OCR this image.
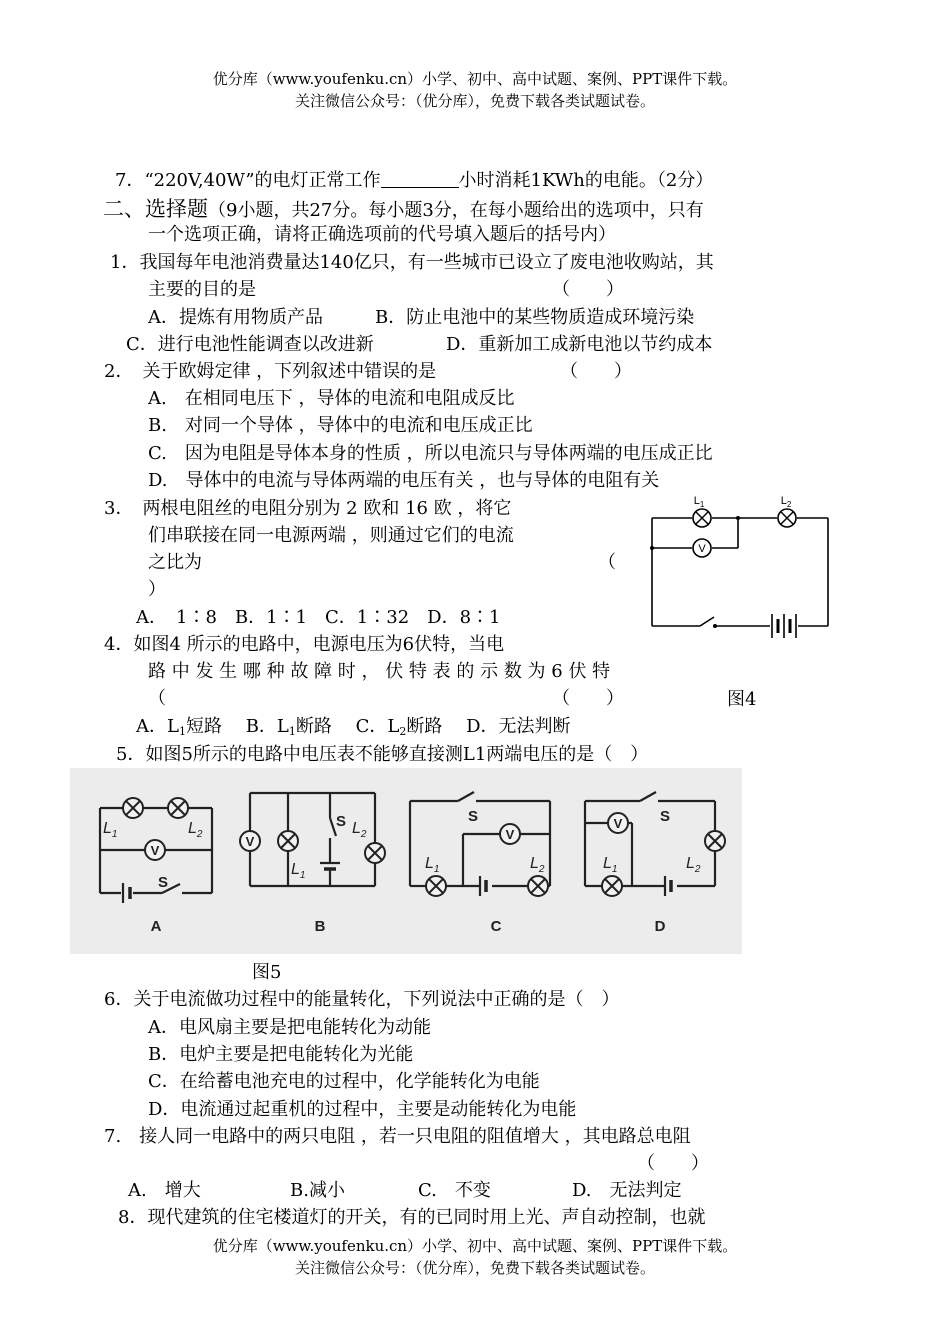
优分库（www.youfenku.cn）小学、初中、高中试题、案例、PPT课件下载。
关注微信公众号：（优分库），免费下载各类试题试卷。
7．“220V,40W”的电灯正常工作	小时消耗1KWh的电能。（2分）
二、选择题（9小题，共27分。每小题3分，在每小题给出的选项中，只有
一个选项正确，请将正确选项前的代号填入题后的括号内）
1．我国每年电池消费量达140亿只，有一些城市已设立了废电池收购站，其
主要的目的是	（　　）
A．提炼有用物质产品	B．防止电池中的某些物质造成环境污染
C．进行电池性能调查以改进新	D．重新加工成新电池以节约成本
2．　关于欧姆定律 ，下列叙述中错误的是	（　　）
A.　在相同电压下 ，导体的电流和电阻成反比
B.　对同一个导体 ，导体中的电流和电压成正比
C.　因为电阻是导体本身的性质 ，所以电流只与导体两端的电压成正比
D.　导体中的电流与导体两端的电压有关 ，也与导体的电阻有关
3．　两根电阻丝的电阻分别为 2 欧和 16 欧 ，将它
们串联接在同一电源两端 ，则通过它们的电流
之比为	（
）
A．　1∶8　B．1∶1　C．1∶32　D．8∶1
V
$L_1$	$L_2$
4．如图4 所示的电路中，电源电压为6伏特，当电
路 中 发 生 哪 种 故 障 时 ， 伏 特 表 的 示 数 为 6 伏 特
（	（　　）	图4
A．$L_1$短路　 B．$L_1$断路　 C．$L_2$断路　 D．无法判断
5．如图5所示的电路中电压表不能够直接测L1两端电压的是（　）
V
$L_1$	$L_2$
S
A
V
$L_1$
$L_2$
S
B
V
$L_1$	$L_2$
S
C
V
$L_1$	$L_2$
S
D
图5
6．关于电流做功过程中的能量转化，下列说法中正确的是（　）
A．电风扇主要是把电能转化为动能
B．电炉主要是把电能转化为光能
C．在给蓄电池充电的过程中，化学能转化为电能
D．电流通过起重机的过程中，主要是动能转化为电能
7.　接人同一电路中的两只电阻 ，若一只电阻的阻值增大 ，其电路总电阻
（　　）
A.　增大	B.减小	C.　不变	D.　无法判定
8．现代建筑的住宅楼道灯的开关，有的已同时用上光、声自动控制，也就
优分库（www.youfenku.cn）小学、初中、高中试题、案例、PPT课件下载。
关注微信公众号：（优分库），免费下载各类试题试卷。
